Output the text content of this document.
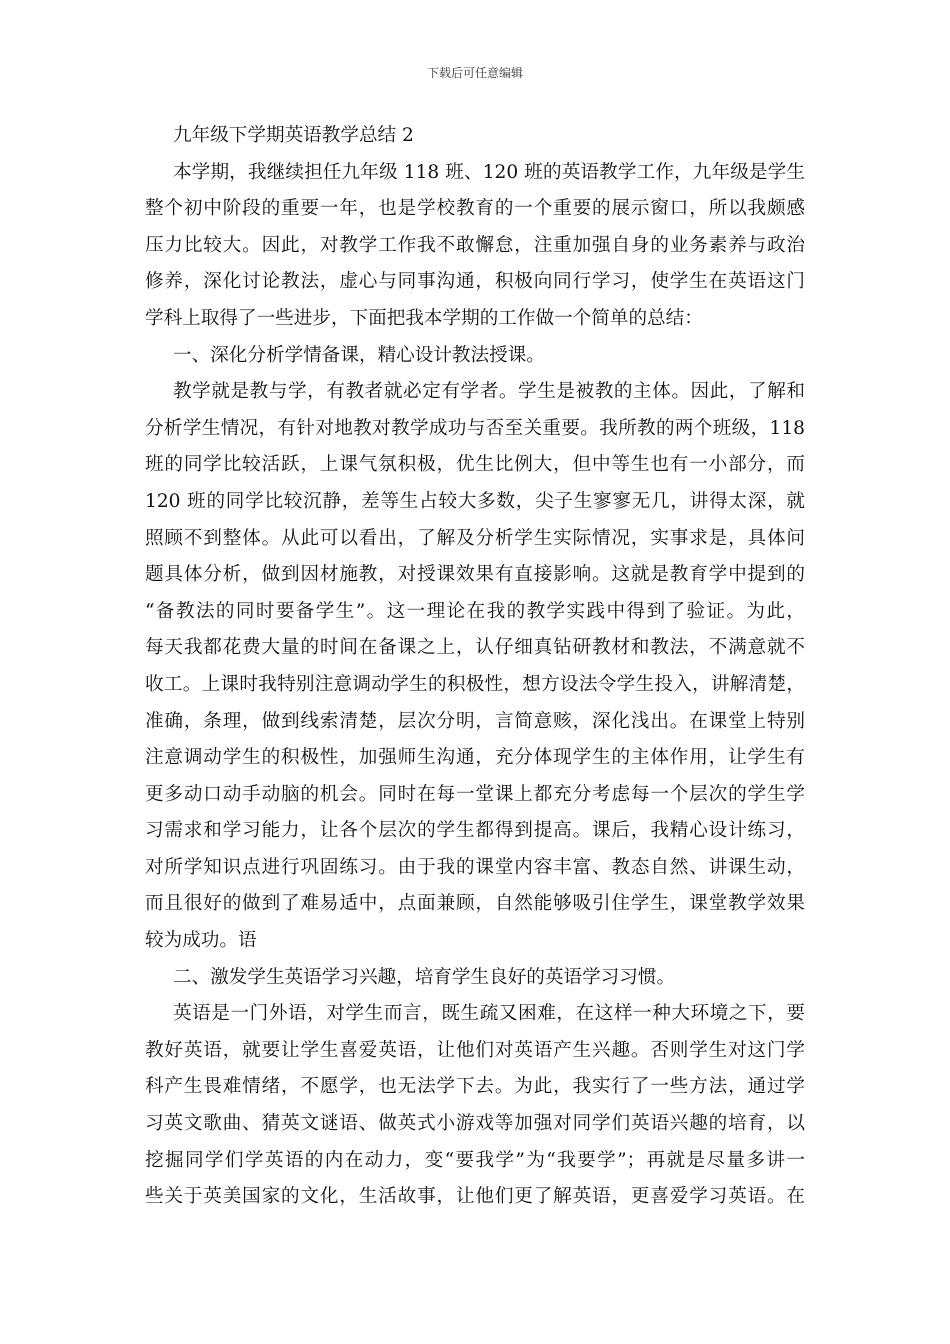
下载后可任意编辑
九年级下学期英语教学总结 2
本学期，我继续担任九年级 118 班、120 班的英语教学工作，九年级是学生
整个初中阶段的重要一年，也是学校教育的一个重要的展示窗口，所以我颇感
压力比较大。因此，对教学工作我不敢懈怠，注重加强自身的业务素养与政治
修养，深化讨论教法，虚心与同事沟通，积极向同行学习，使学生在英语这门
学科上取得了一些进步，下面把我本学期的工作做一个简单的总结：
一、深化分析学情备课，精心设计教法授课。
教学就是教与学，有教者就必定有学者。学生是被教的主体。因此，了解和
分析学生情况，有针对地教对教学成功与否至关重要。我所教的两个班级，118
班的同学比较活跃，上课气氛积极，优生比例大，但中等生也有一小部分，而
120 班的同学比较沉静，差等生占较大多数，尖子生寥寥无几，讲得太深，就
照顾不到整体。从此可以看出，了解及分析学生实际情况，实事求是，具体问
题具体分析，做到因材施教，对授课效果有直接影响。这就是教育学中提到的
“备教法的同时要备学生”。这一理论在我的教学实践中得到了验证。为此，
每天我都花费大量的时间在备课之上，认仔细真钻研教材和教法，不满意就不
收工。上课时我特别注意调动学生的积极性，想方设法令学生投入，讲解清楚，
准确，条理，做到线索清楚，层次分明，言简意赅，深化浅出。在课堂上特别
注意调动学生的积极性，加强师生沟通，充分体现学生的主体作用，让学生有
更多动口动手动脑的机会。同时在每一堂课上都充分考虑每一个层次的学生学
习需求和学习能力，让各个层次的学生都得到提高。课后，我精心设计练习，
对所学知识点进行巩固练习。由于我的课堂内容丰富、教态自然、讲课生动，
而且很好的做到了难易适中，点面兼顾，自然能够吸引住学生，课堂教学效果
较为成功。语
二、激发学生英语学习兴趣，培育学生良好的英语学习习惯。
英语是一门外语，对学生而言，既生疏又困难，在这样一种大环境之下，要
教好英语，就要让学生喜爱英语，让他们对英语产生兴趣。否则学生对这门学
科产生畏难情绪，不愿学，也无法学下去。为此，我实行了一些方法，通过学
习英文歌曲、猜英文谜语、做英式小游戏等加强对同学们英语兴趣的培育，以
挖掘同学们学英语的内在动力，变“要我学”为“我要学”；再就是尽量多讲一
些关于英美国家的文化，生活故事，让他们更了解英语，更喜爱学习英语。在
